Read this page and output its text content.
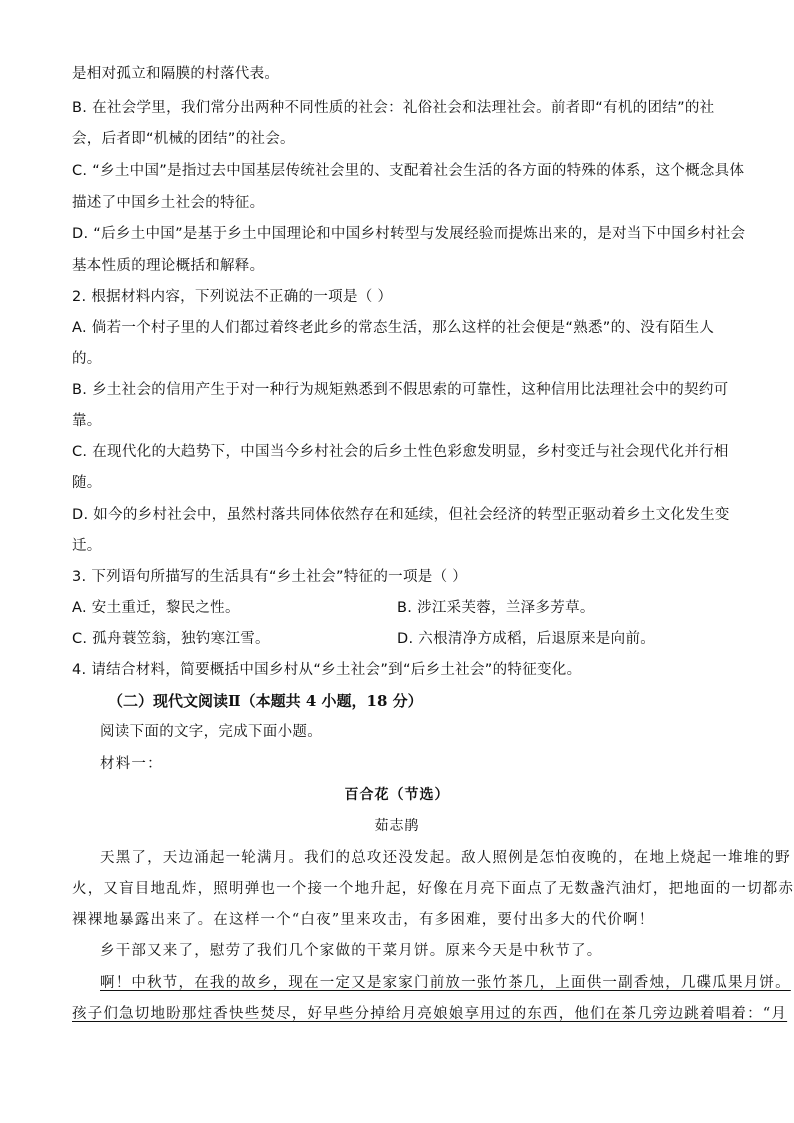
是相对孤立和隔膜的村落代表。
B. 在社会学里，我们常分出两种不同性质的社会：礼俗社会和法理社会。前者即“有机的团结”的社
会，后者即“机械的团结”的社会。
C. “乡土中国”是指过去中国基层传统社会里的、支配着社会生活的各方面的特殊的体系，这个概念具体
描述了中国乡土社会的特征。
D. “后乡土中国”是基于乡土中国理论和中国乡村转型与发展经验而提炼出来的，是对当下中国乡村社会
基本性质的理论概括和解释。
2. 根据材料内容，下列说法不正确的一项是（ ）
A. 倘若一个村子里的人们都过着终老此乡的常态生活，那么这样的社会便是“熟悉”的、没有陌生人
的。
B. 乡土社会的信用产生于对一种行为规矩熟悉到不假思索的可靠性，这种信用比法理社会中的契约可
靠。
C. 在现代化的大趋势下，中国当今乡村社会的后乡土性色彩愈发明显，乡村变迁与社会现代化并行相
随。
D. 如今的乡村社会中，虽然村落共同体依然存在和延续，但社会经济的转型正驱动着乡土文化发生变
迁。
3. 下列语句所描写的生活具有“乡土社会”特征的一项是（ ）
A. 安土重迁，黎民之性。	B. 涉江采芙蓉，兰泽多芳草。
C. 孤舟蓑笠翁，独钓寒江雪。	D. 六根清净方成稻，后退原来是向前。
4. 请结合材料，简要概括中国乡村从“乡土社会”到“后乡土社会”的特征变化。
（二）现代文阅读Ⅱ（本题共 4 小题，18 分）
阅读下面的文字，完成下面小题。
材料一：
百合花（节选）
茹志鹃
天黑了，天边涌起一轮满月。我们的总攻还没发起。敌人照例是怎怕夜晚的，在地上烧起一堆堆的野
火，又盲目地乱炸，照明弹也一个接一个地升起，好像在月亮下面点了无数盏汽油灯，把地面的一切都赤
裸裸地暴露出来了。在这样一个“白夜”里来攻击，有多困难，要付出多大的代价啊！
乡干部又来了，慰劳了我们几个家做的干菜月饼。原来今天是中秋节了。
啊！中秋节，在我的故乡，现在一定又是家家门前放一张竹茶几，上面供一副香烛，几碟瓜果月饼。
孩子们急切地盼那炷香快些焚尽，好早些分掉给月亮娘娘享用过的东西，他们在茶几旁边跳着唱着：“月
